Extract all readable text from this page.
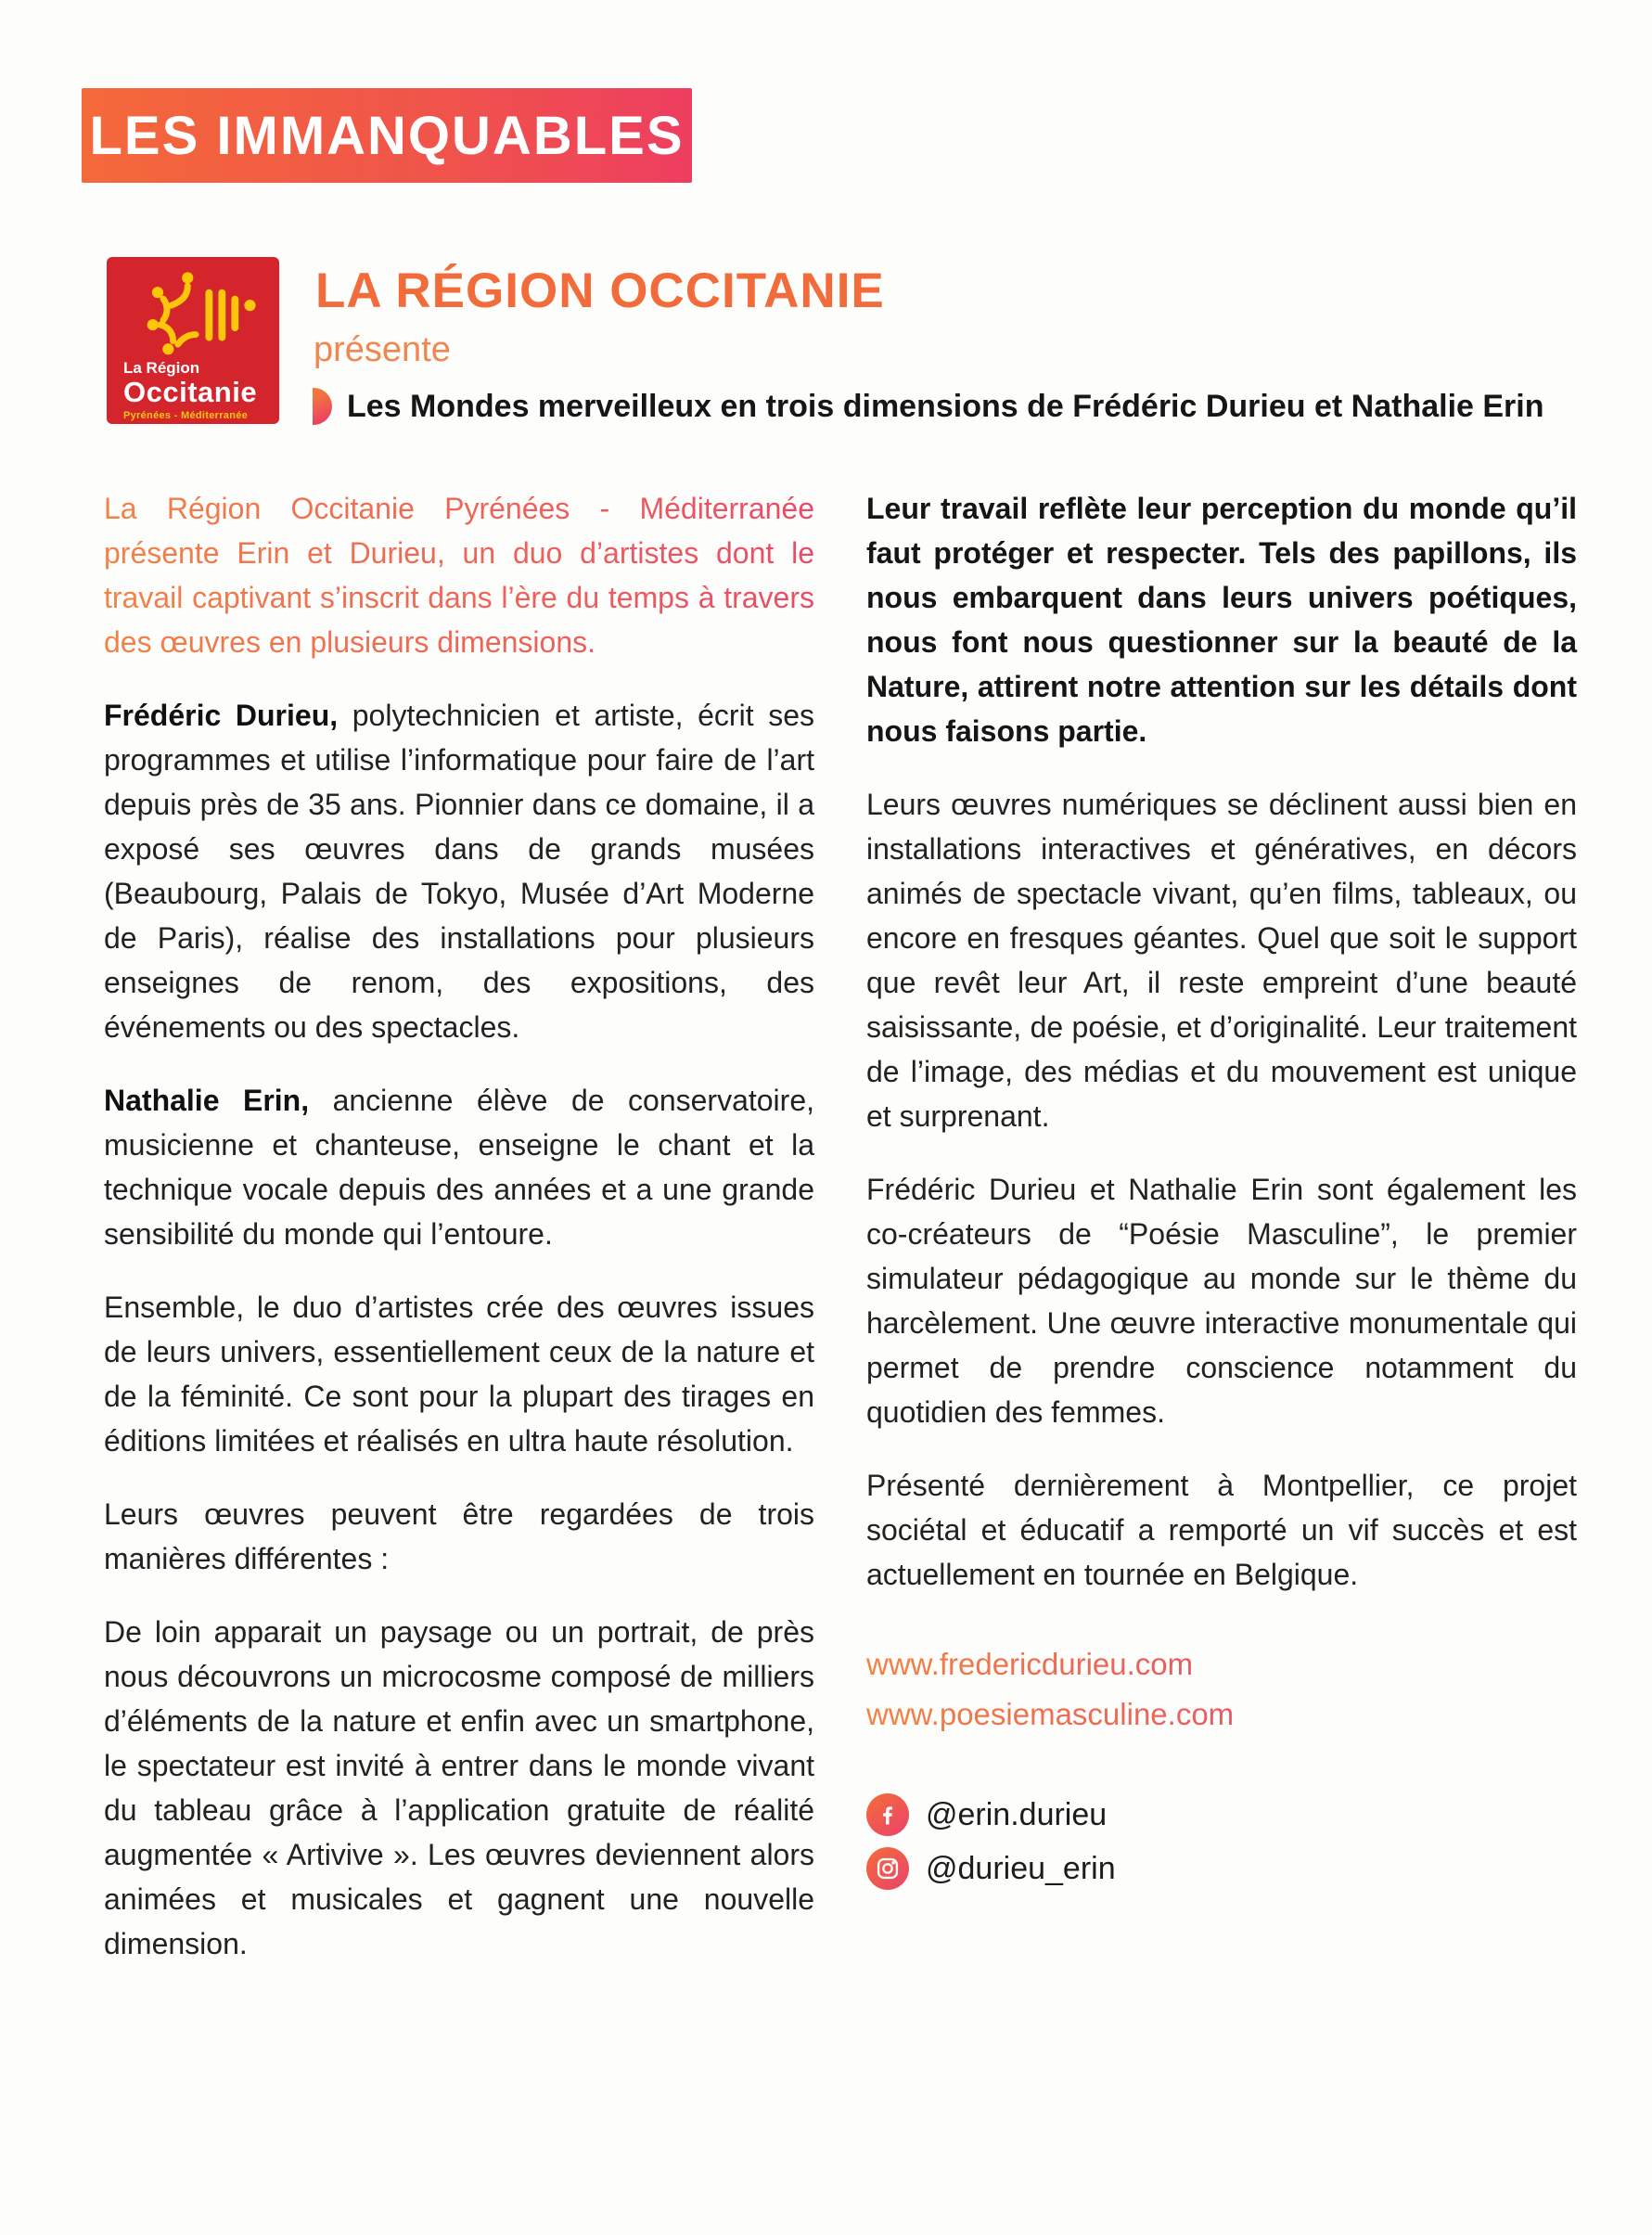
LES IMMANQUABLES
La Région
Occitanie
Pyrénées - Méditerranée
LA RÉGION OCCITANIE
présente
Les Mondes merveilleux en trois dimensions de Frédéric Durieu et Nathalie Erin

La Région Occitanie Pyrénées - Méditerranée présente Erin et Durieu, un duo d’artistes dont le travail captivant s’inscrit dans l’ère du temps à travers des œuvres en plusieurs dimensions.

Frédéric Durieu, polytechnicien et artiste, écrit ses programmes et utilise l’informatique pour faire de l’art depuis près de 35 ans. Pionnier dans ce domaine, il a exposé ses œuvres dans de grands musées (Beaubourg, Palais de Tokyo, Musée d’Art Moderne de Paris), réalise des installations pour plusieurs enseignes de renom, des expositions, des événements ou des spectacles.

Nathalie Erin, ancienne élève de conservatoire, musicienne et chanteuse, enseigne le chant et la technique vocale depuis des années et a une grande sensibilité du monde qui l’entoure.

Ensemble, le duo d’artistes crée des œuvres issues de leurs univers, essentiellement ceux de la nature et de la féminité. Ce sont pour la plupart des tirages en éditions limitées et réalisés en ultra haute résolution.

Leurs œuvres peuvent être regardées de trois manières différentes :

De loin apparait un paysage ou un portrait, de près nous découvrons un microcosme composé de milliers d’éléments de la nature et enfin avec un smartphone, le spectateur est invité à entrer dans le monde vivant du tableau grâce à l’application gratuite de réalité augmentée « Artivive ». Les œuvres deviennent alors animées et musicales et gagnent une nouvelle dimension.

Leur travail reflète leur perception du monde qu’il faut protéger et respecter. Tels des papillons, ils nous embarquent dans leurs univers poétiques, nous font nous questionner sur la beauté de la Nature, attirent notre attention sur les détails dont nous faisons partie.

Leurs œuvres numériques se déclinent aussi bien en installations interactives et génératives, en décors animés de spectacle vivant, qu’en films, tableaux, ou encore en fresques géantes. Quel que soit le support que revêt leur Art, il reste empreint d’une beauté saisissante, de poésie, et d’originalité. Leur traitement de l’image, des médias et du mouvement est unique et surprenant.

Frédéric Durieu et Nathalie Erin sont également les co-créateurs de “Poésie Masculine”, le premier simulateur pédagogique au monde sur le thème du harcèlement. Une œuvre interactive monumentale qui permet de prendre conscience notamment du quotidien des femmes.

Présenté dernièrement à Montpellier, ce projet sociétal et éducatif a remporté un vif succès et est actuellement en tournée en Belgique.

www.fredericdurieu.com
www.poesiemasculine.com
@erin.durieu
@durieu_erin
